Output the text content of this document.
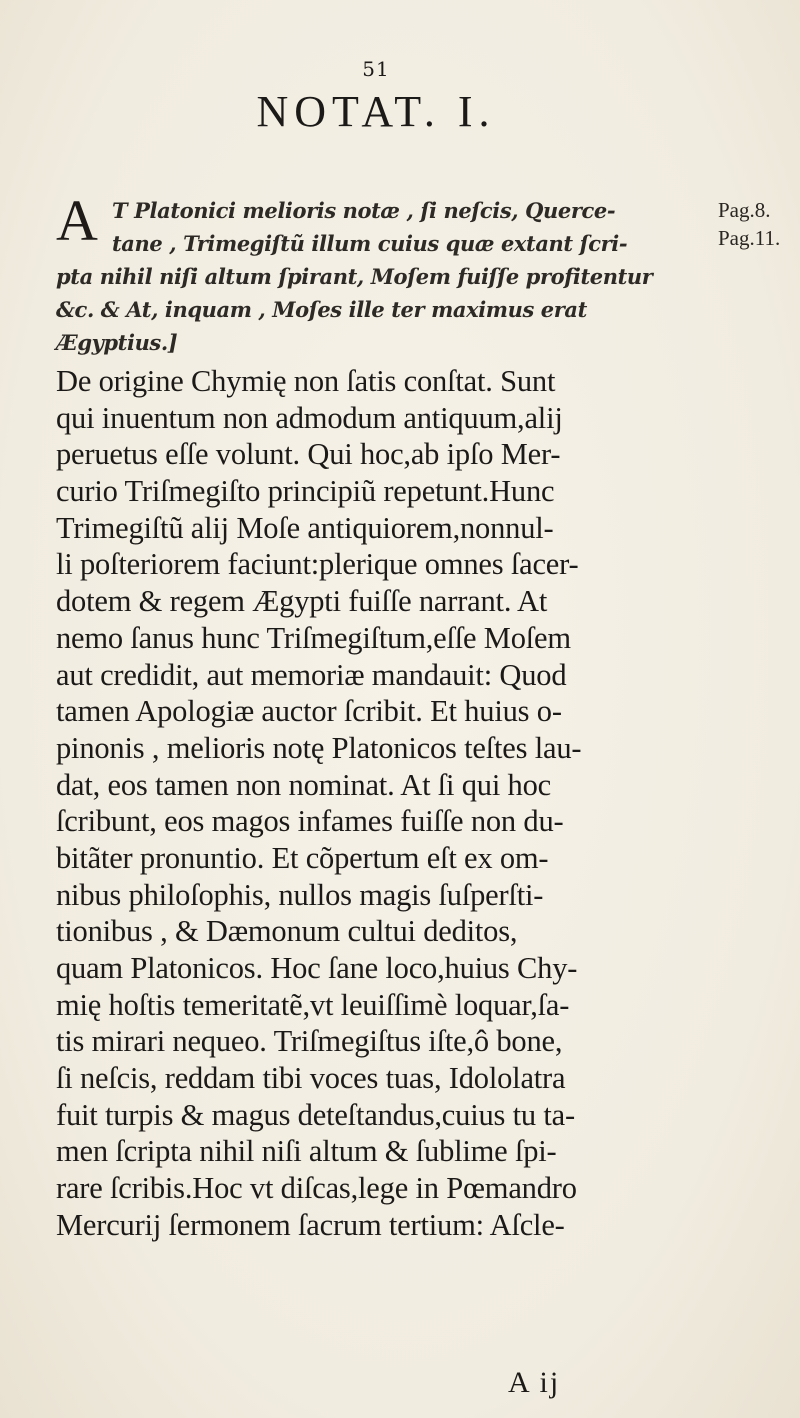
51
NOTAT. I.
Pag.8.
Pag.11.
A T Platonici melioris notæ , ſi neſcis, Querce-
tane , Trimegiſtũ illum cuius quæ extant ſcri-
pta nihil niſi altum ſpirant, Moſem fuiſſe profitentur
&c. & At, inquam , Moſes ille ter maximus erat
Ægyptius.]
De origine Chymię non ſatis conſtat. Sunt
qui inuentum non admodum antiquum,alij
peruetus eſſe volunt. Qui hoc,ab ipſo Mer-
curio Triſmegiſto principiũ repetunt.Hunc
Trimegiſtũ alij Moſe antiquiorem,nonnul-
li poſteriorem faciunt:plerique omnes ſacer-
dotem & regem Ægypti fuiſſe narrant. At
nemo ſanus hunc Triſmegiſtum,eſſe Moſem
aut credidit, aut memoriæ mandauit: Quod
tamen Apologiæ auctor ſcribit. Et huius o-
pinonis , melioris notę Platonicos teſtes lau-
dat, eos tamen non nominat. At ſi qui hoc
ſcribunt, eos magos infames fuiſſe non du-
bitãter pronuntio. Et cõpertum eſt ex om-
nibus philoſophis, nullos magis ſuſperſti-
tionibus , & Dæmonum cultui deditos,
quam Platonicos. Hoc ſane loco,huius Chy-
mię hoſtis temeritatẽ,vt leuiſſimè loquar,ſa-
tis mirari nequeo. Triſmegiſtus iſte,ô bone,
ſi neſcis, reddam tibi voces tuas, Idololatra
fuit turpis & magus deteſtandus,cuius tu ta-
men ſcripta nihil niſi altum & ſublime ſpi-
rare ſcribis.Hoc vt diſcas,lege in Pœmandro
Mercurij ſermonem ſacrum tertium: Aſcle-
A ij
